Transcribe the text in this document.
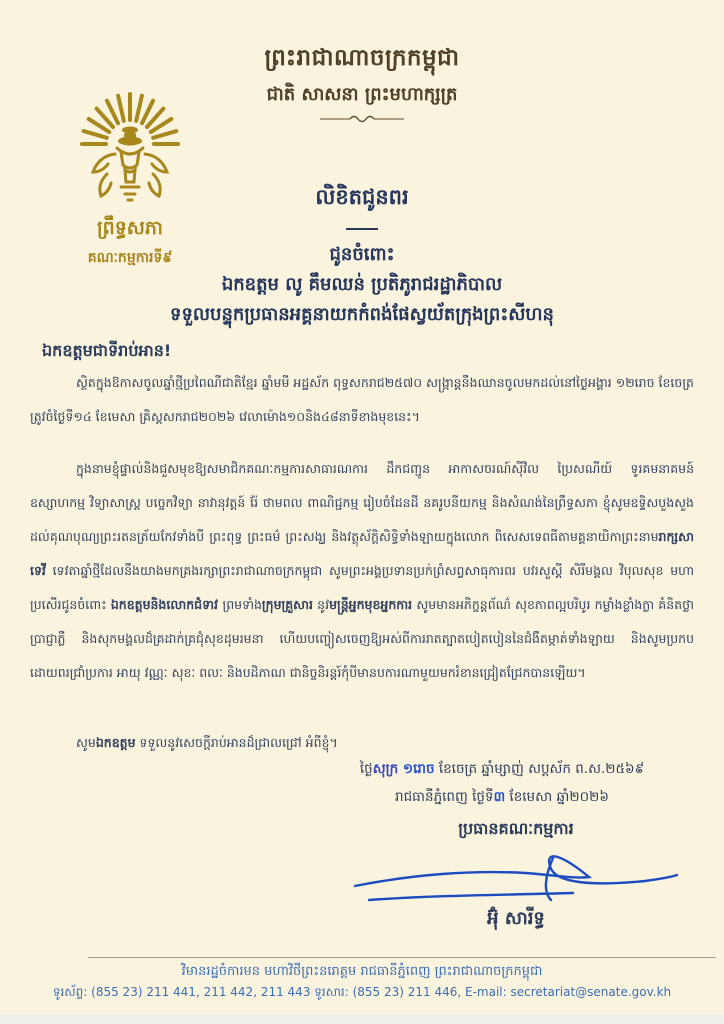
ព្រះរាជាណាចក្រកម្ពុជា
ជាតិ សាសនា ព្រះមហាក្សត្រ
ព្រឹទ្ធសភា
គណៈកម្មការទី៩
លិខិតជូនពរ
ជូនចំពោះ
ឯកឧត្តម លូ គឹមឈន់ ប្រតិភូរាជរដ្ឋាភិបាល
ទទួលបន្ទុកប្រធានអគ្គនាយកកំពង់ផែស្វយ័តក្រុងព្រះសីហនុ
ឯកឧត្តមជាទីរាប់អាន!
ស្ថិតក្នុងឱកាសចូលឆ្នាំថ្មីប្រពៃណីជាតិខ្មែរ ឆ្នាំមមី អដ្ឋស័ក ពុទ្ធសករាជ២៥៧០ សង្ក្រាន្តនឹងឈានចូលមកដល់នៅថ្ងៃអង្គារ ១២រោច ខែចេត្រ ត្រូវចំថ្ងៃទី១៤ ខែមេសា គ្រិស្ដសករាជ២០២៦ វេលាម៉ោង១០និង៤៨នាទីខាងមុខនេះ។
ក្នុងនាមខ្ញុំផ្ទាល់និងជួសមុខឱ្យសមាជិកគណៈកម្មការសាធារណការ ដឹកជញ្ជូន អាកាសចរណ៍ស៊ីវិល ប្រៃសណីយ៍ ទូរគមនាគមន៍ ឧស្សាហកម្ម វិទ្យាសាស្ត្រ បច្ចេកវិទ្យា នាវានុវត្តន៍ រ៉ែ ថាមពល ពាណិជ្ជកម្ម រៀបចំដែនដី នគរូបនីយកម្ម និងសំណង់នៃព្រឹទ្ធសភា ខ្ញុំសូមឧទ្ទិសបួងសួងដល់គុណបុណ្យព្រះរតនត្រ័យកែវទាំងបី ព្រះពុទ្ធ ព្រះធម៌ ព្រះសង្ឃ និងវត្ថុស័ក្ដិសិទ្ធិទាំងឡាយក្នុងលោក ពិសេសទេពធីតាមគ្គនាយិកាព្រះនាមរាក្សសាទេវី ទេវតាឆ្នាំថ្មីដែលនឹងយាងមកគ្រងរក្សាព្រះរាជាណាចក្រកម្ពុជា សូមព្រះអង្គប្រទានប្រក់ព្រំសព្វសាធុការពរ បវរសួស្ដី សិរីមង្គល វិបុលសុខ មហាប្រសើរជូនចំពោះ ឯកឧត្តមនិងលោកជំទាវ ព្រមទាំងក្រុមគ្រួសារ នូវមន្ត្រីអ្នកមុខអ្នកការ សូមមានអភិក្ខន្តព័ណ៌ សុខភាពល្អបរិបូរ កម្លាំងខ្លាំងក្លា គំនិតថ្លាប្រាជ្ញាភ្លឺ និងសុកមង្គលដ៏គ្រដាក់គ្រជុំសុខដុមរមនា ហើយបញ្ចៀសចេញឱ្យអស់ពីការរាតត្បាតបៀតបៀននៃជំងឺតម្កាត់ទាំងឡាយ និងសូមប្រកបដោយពរជ្រាំប្រការ អាយុ វណ្ណៈ សុខៈ ពលៈ និងបដិភាណ ជានិច្ចនិរន្តរ៍កុំបីមានបការណាមួយមករំខានជ្រៀតជ្រែកបានឡើយ។
សូមឯកឧត្តម ទទួលនូវសេចក្ដីរាប់អានដ៏ជ្រាលជ្រៅ អំពីខ្ញុំ។
ថ្ងៃសុក្រ ១រោច ខែចេត្រ ឆ្នាំម្សាញ់ សប្ដស័ក ព.ស.២៥៦៩
រាជធានីភ្នំពេញ ថ្ងៃទី៣ ខែមេសា ឆ្នាំ២០២៦
ប្រធានគណៈកម្មការ
អ៊ុំ សារីទ្ធ
វិមានរដ្ឋចំការមន មហាវិថីព្រះនរោត្តម រាជធានីភ្នំពេញ ព្រះរាជាណាចក្រកម្ពុជា
ទូរស័ព្ទ: (855 23) 211 441, 211 442, 211 443 ទូរសារ: (855 23) 211 446, E-mail: secretariat@senate.gov.kh
